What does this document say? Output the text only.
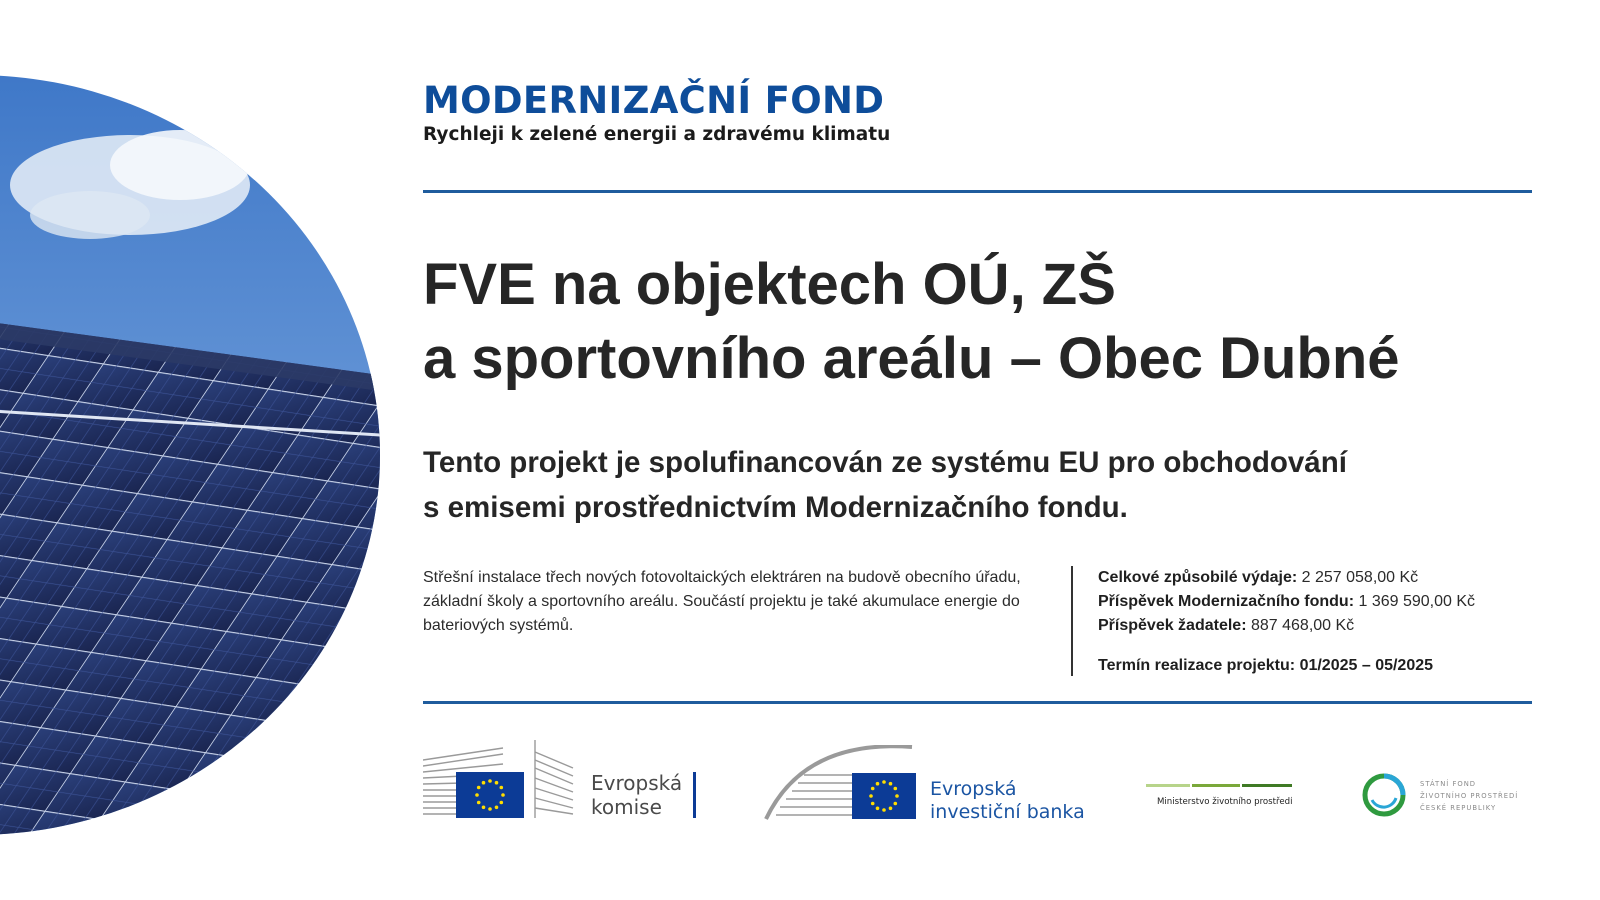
MODERNIZAČNÍ FOND
Rychleji k zelené energii a zdravému klimatu
FVE na objektech OÚ, ZŠ
a sportovního areálu – Obec Dubné
Tento projekt je spolufinancován ze systému EU pro obchodování
s emisemi prostřednictvím Modernizačního fondu.
Střešní instalace třech nových fotovoltaických elektráren na budově obecního úřadu, základní školy a sportovního areálu. Součástí projektu je také akumulace energie do bateriových systémů.
Celkové způsobilé výdaje: 2 257 058,00 Kč
Příspěvek Modernizačního fondu: 1 369 590,00 Kč
Příspěvek žadatele: 887 468,00 Kč
Termín realizace projektu: 01/2025 – 05/2025
Evropská
komise
Evropská
investiční banka	Ministerstvo životního prostředí
STÁTNÍ FOND
ŽIVOTNÍHO PROSTŘEDÍ
ČESKÉ REPUBLIKY
